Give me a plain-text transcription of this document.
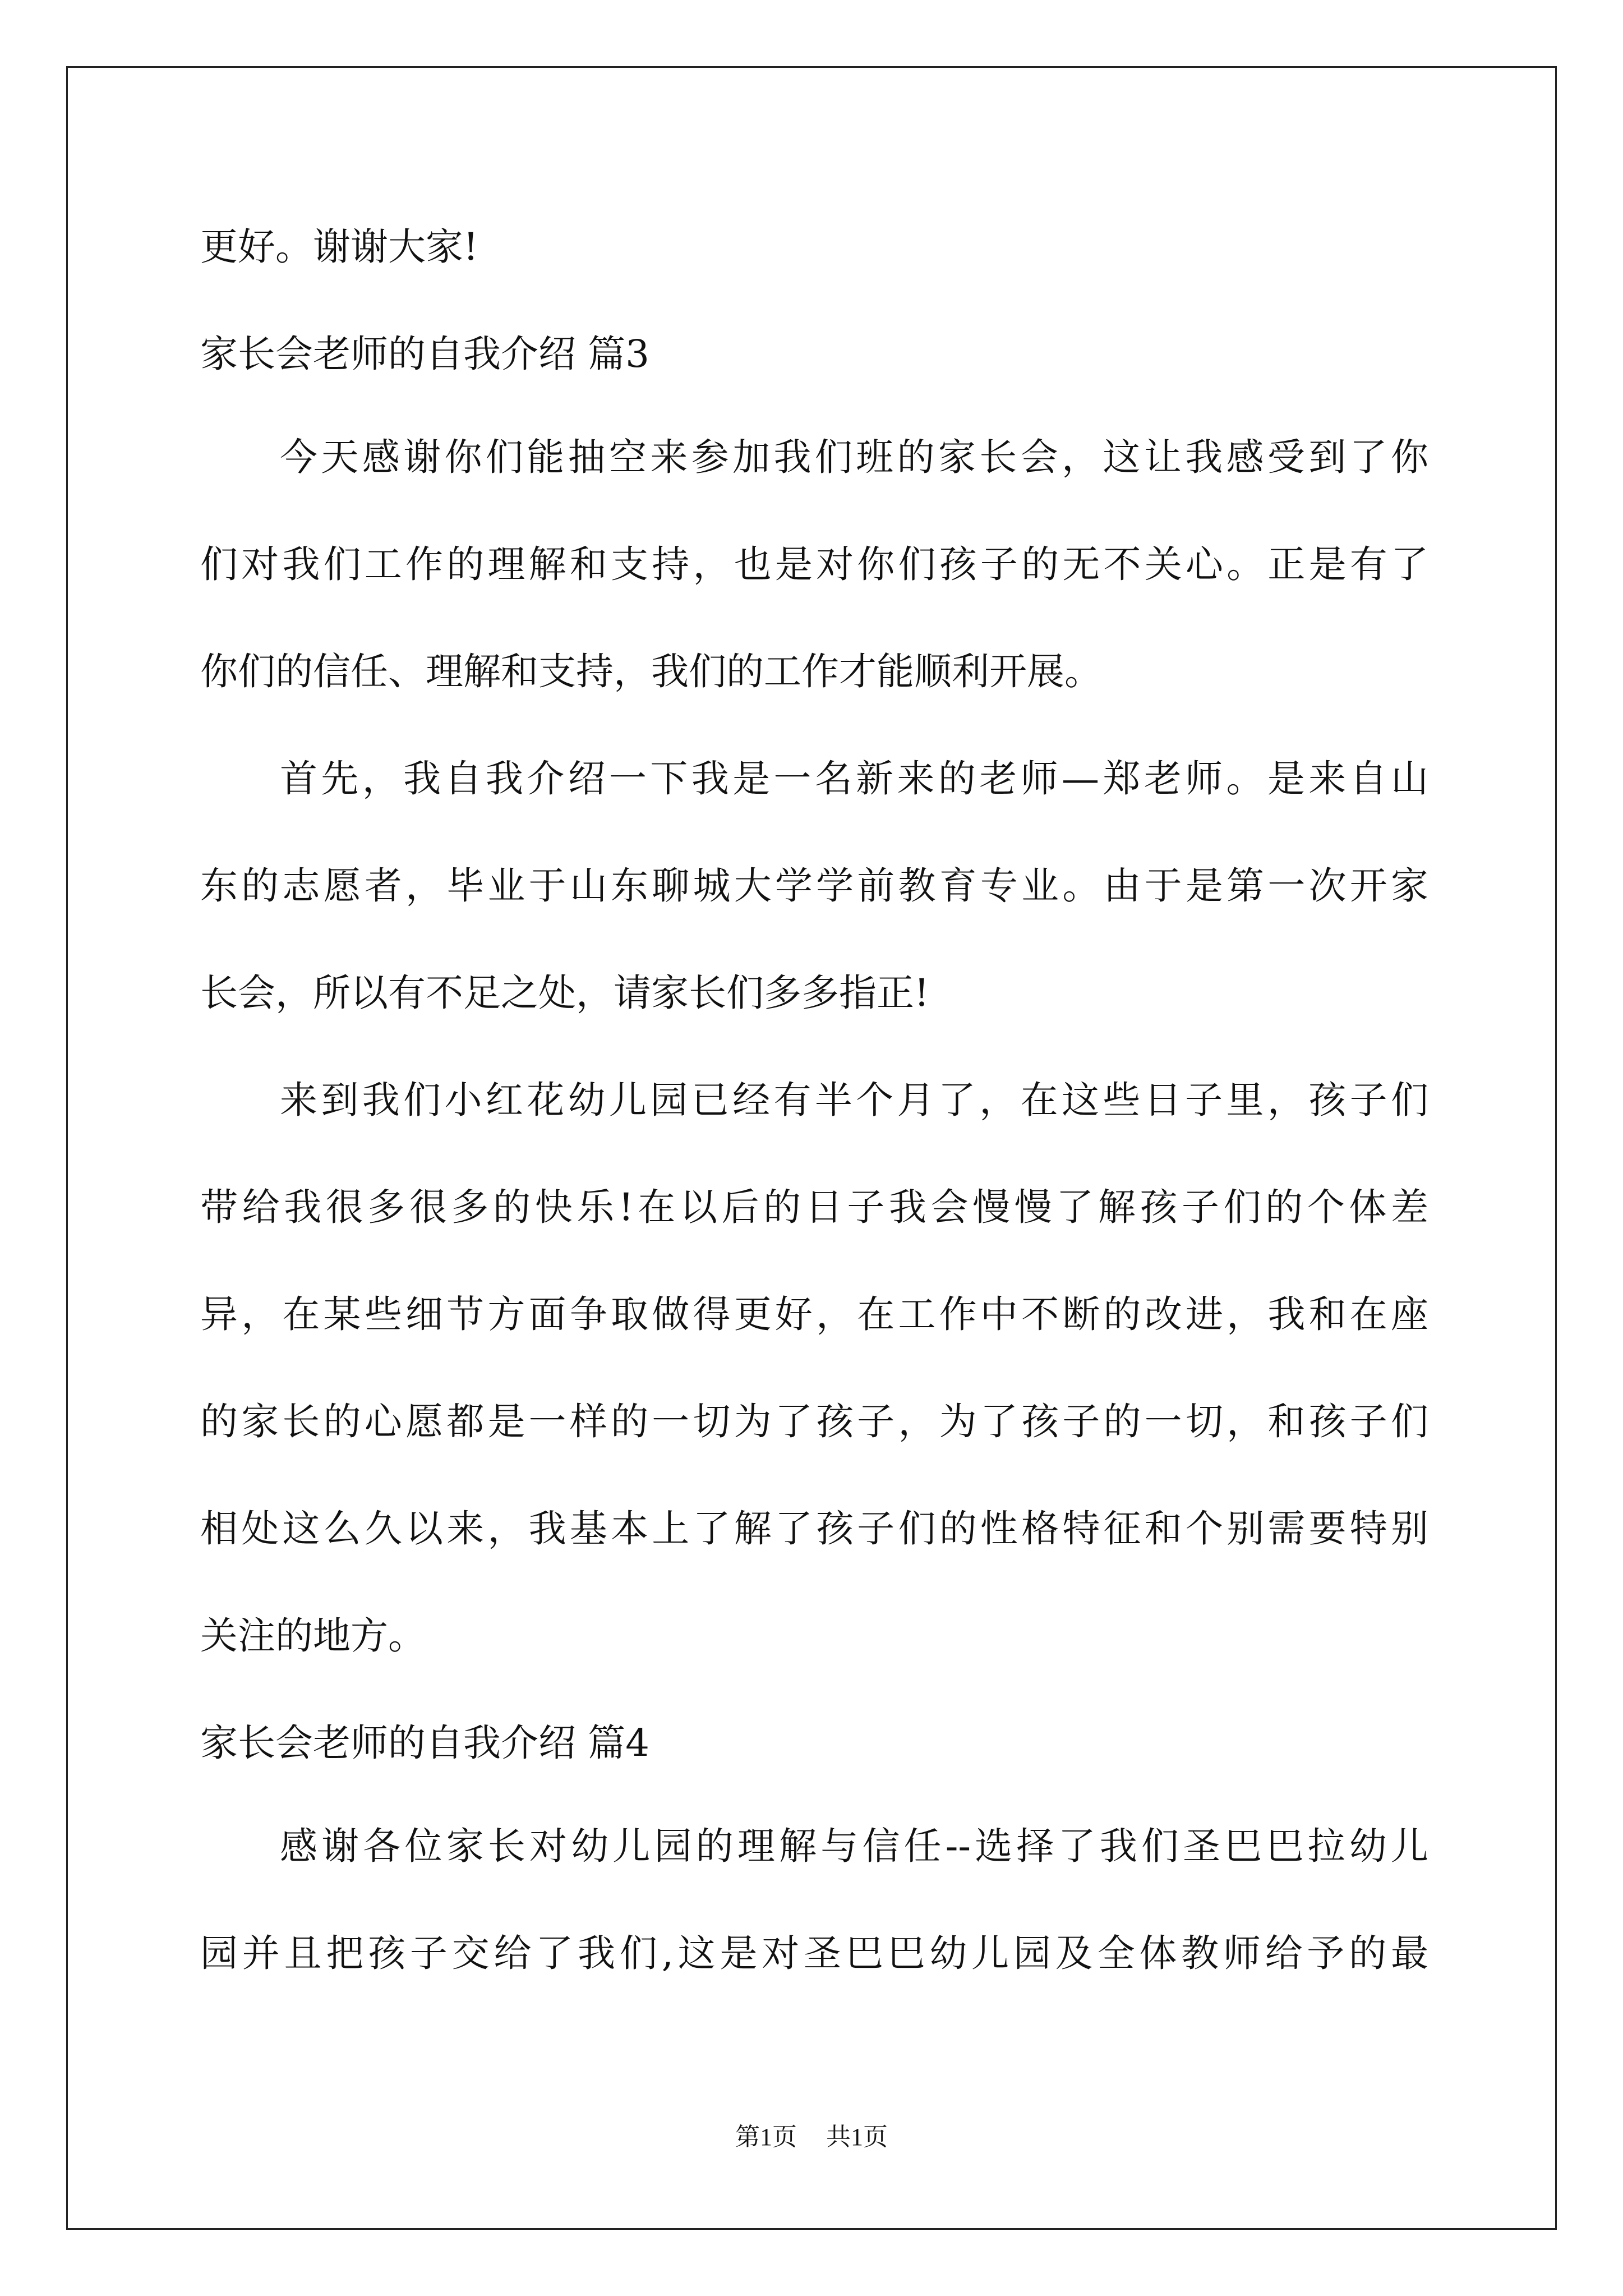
更好。谢谢大家!
家长会老师的自我介绍 篇3
今天感谢你们能抽空来参加我们班的家长会，这让我感受到了你
们对我们工作的理解和支持，也是对你们孩子的无不关心。正是有了
你们的信任、理解和支持，我们的工作才能顺利开展。
首先，我自我介绍一下我是一名新来的老师—郑老师。是来自山
东的志愿者，毕业于山东聊城大学学前教育专业。由于是第一次开家
长会，所以有不足之处，请家长们多多指正!
来到我们小红花幼儿园已经有半个月了，在这些日子里，孩子们
带给我很多很多的快乐!在以后的日子我会慢慢了解孩子们的个体差
异，在某些细节方面争取做得更好，在工作中不断的改进，我和在座
的家长的心愿都是一样的一切为了孩子，为了孩子的一切，和孩子们
相处这么久以来，我基本上了解了孩子们的性格特征和个别需要特别
关注的地方。
家长会老师的自我介绍 篇4
感谢各位家长对幼儿园的理解与信任--选择了我们圣巴巴拉幼儿
园并且把孩子交给了我们,这是对圣巴巴幼儿园及全体教师给予的最
第1页 共1页
